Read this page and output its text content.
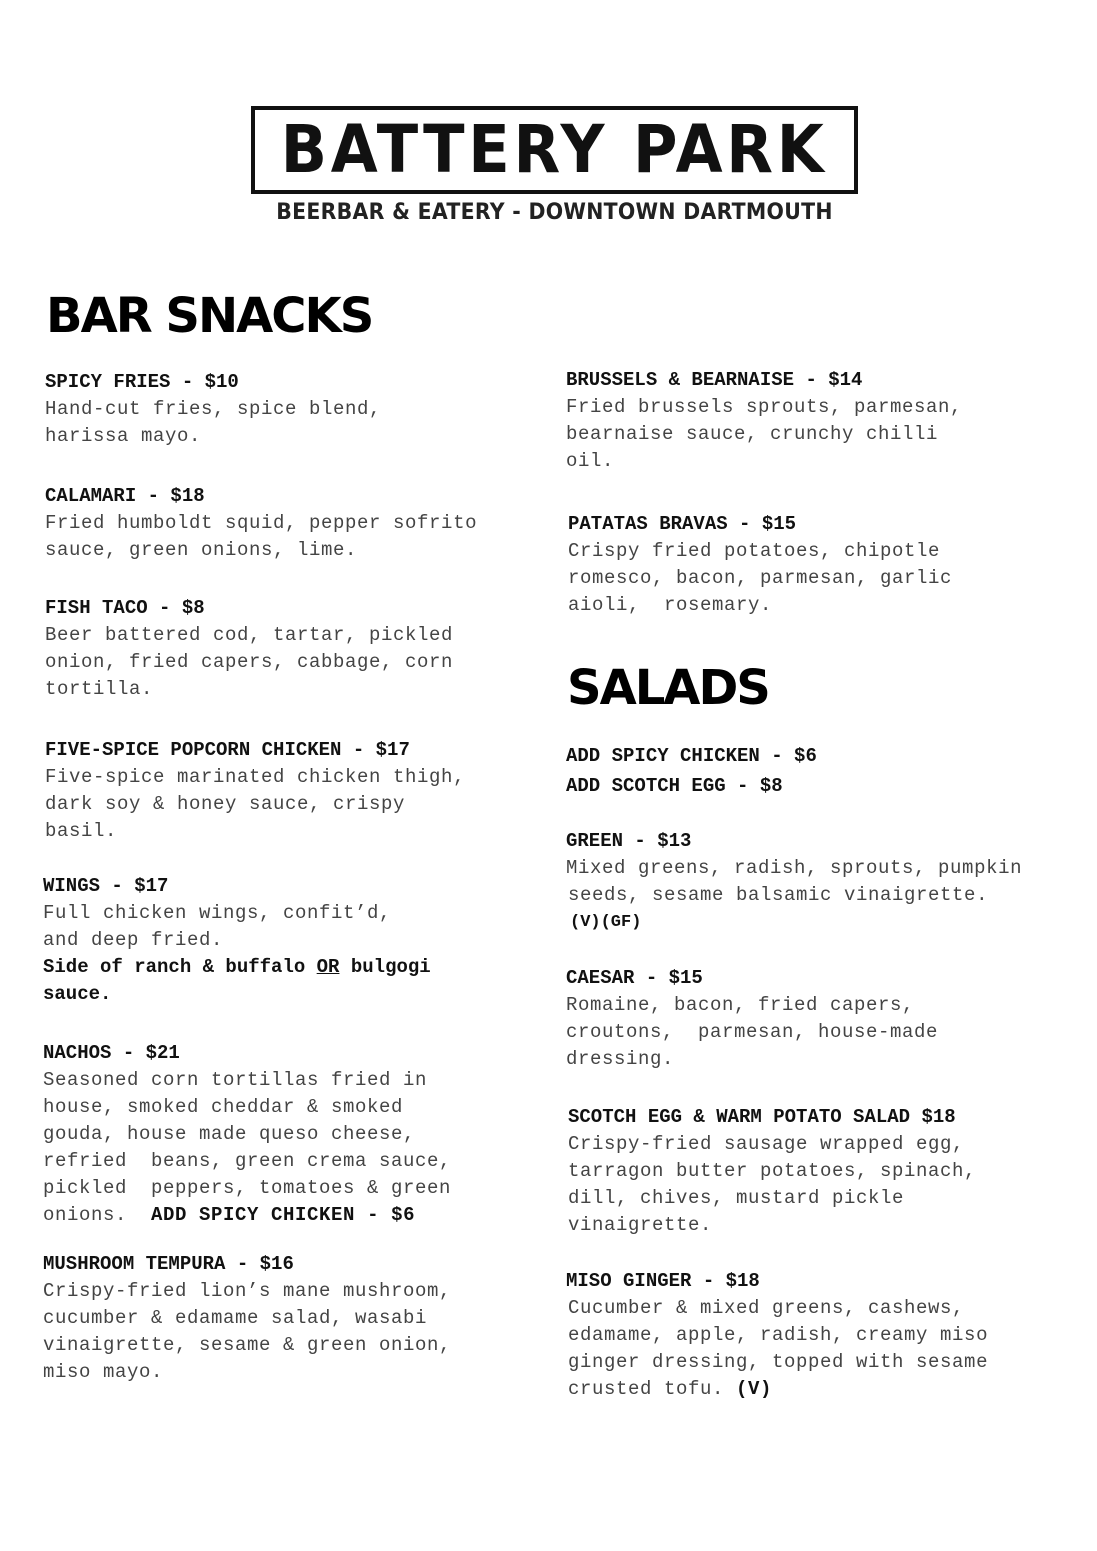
BATTERY PARK
BEERBAR & EATERY - DOWNTOWN DARTMOUTH
BAR SNACKS
SPICY FRIES - $10
Hand-cut fries, spice blend,
harissa mayo.
CALAMARI - $18
Fried humboldt squid, pepper sofrito
sauce, green onions, lime.
FISH TACO - $8
Beer battered cod, tartar, pickled
onion, fried capers, cabbage, corn
tortilla.
FIVE-SPICE POPCORN CHICKEN - $17
Five-spice marinated chicken thigh,
dark soy & honey sauce, crispy
basil.
WINGS - $17
Full chicken wings, confit’d,
and deep fried.
Side of ranch & buffalo OR bulgogi
sauce.
NACHOS - $21
Seasoned corn tortillas fried in
house, smoked cheddar & smoked
gouda, house made queso cheese,
refried  beans, green crema sauce,
pickled  peppers, tomatoes & green
onions.  ADD SPICY CHICKEN - $6
MUSHROOM TEMPURA - $16
Crispy-fried lion’s mane mushroom,
cucumber & edamame salad, wasabi
vinaigrette, sesame & green onion,
miso mayo.
BRUSSELS & BEARNAISE - $14
Fried brussels sprouts, parmesan,
bearnaise sauce, crunchy chilli
oil.
PATATAS BRAVAS - $15
Crispy fried potatoes, chipotle
romesco, bacon, parmesan, garlic
aioli,  rosemary.
SALADS
ADD SPICY CHICKEN - $6
ADD SCOTCH EGG - $8
GREEN - $13
Mixed greens, radish, sprouts, pumpkin
seeds, sesame balsamic vinaigrette.
(V)(GF)
CAESAR - $15
Romaine, bacon, fried capers,
croutons,  parmesan, house-made
dressing.
SCOTCH EGG & WARM POTATO SALAD $18
Crispy-fried sausage wrapped egg,
tarragon butter potatoes, spinach,
dill, chives, mustard pickle
vinaigrette.
MISO GINGER - $18
Cucumber & mixed greens, cashews,
edamame, apple, radish, creamy miso
ginger dressing, topped with sesame
crusted tofu. (V)
